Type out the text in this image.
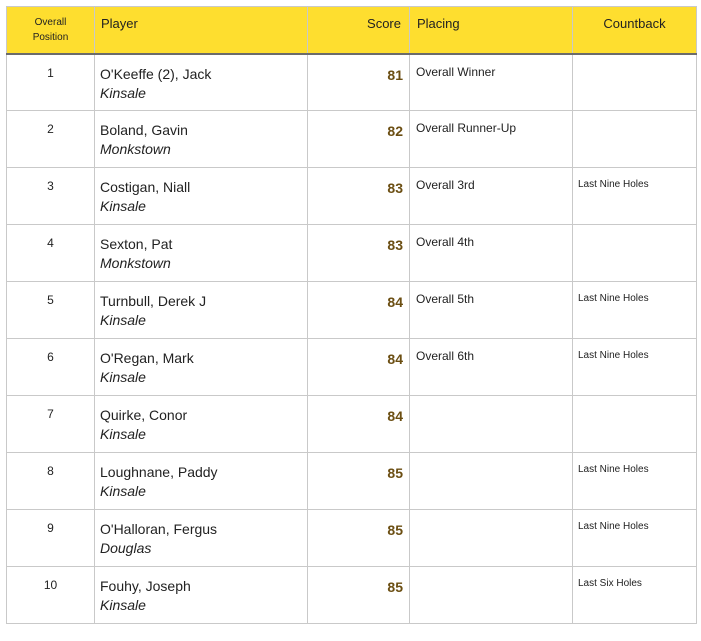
Overall
Position	Player	Score	Placing	Countback
1	O'Keeffe (2), Jack
Kinsale	81	Overall Winner	
2	Boland, Gavin
Monkstown	82	Overall Runner-Up	
3	Costigan, Niall
Kinsale	83	Overall 3rd	Last Nine Holes
4	Sexton, Pat
Monkstown	83	Overall 4th	
5	Turnbull, Derek J
Kinsale	84	Overall 5th	Last Nine Holes
6	O'Regan, Mark
Kinsale	84	Overall 6th	Last Nine Holes
7	Quirke, Conor
Kinsale	84		
8	Loughnane, Paddy
Kinsale	85		Last Nine Holes
9	O'Halloran, Fergus
Douglas	85		Last Nine Holes
10	Fouhy, Joseph
Kinsale	85		Last Six Holes
